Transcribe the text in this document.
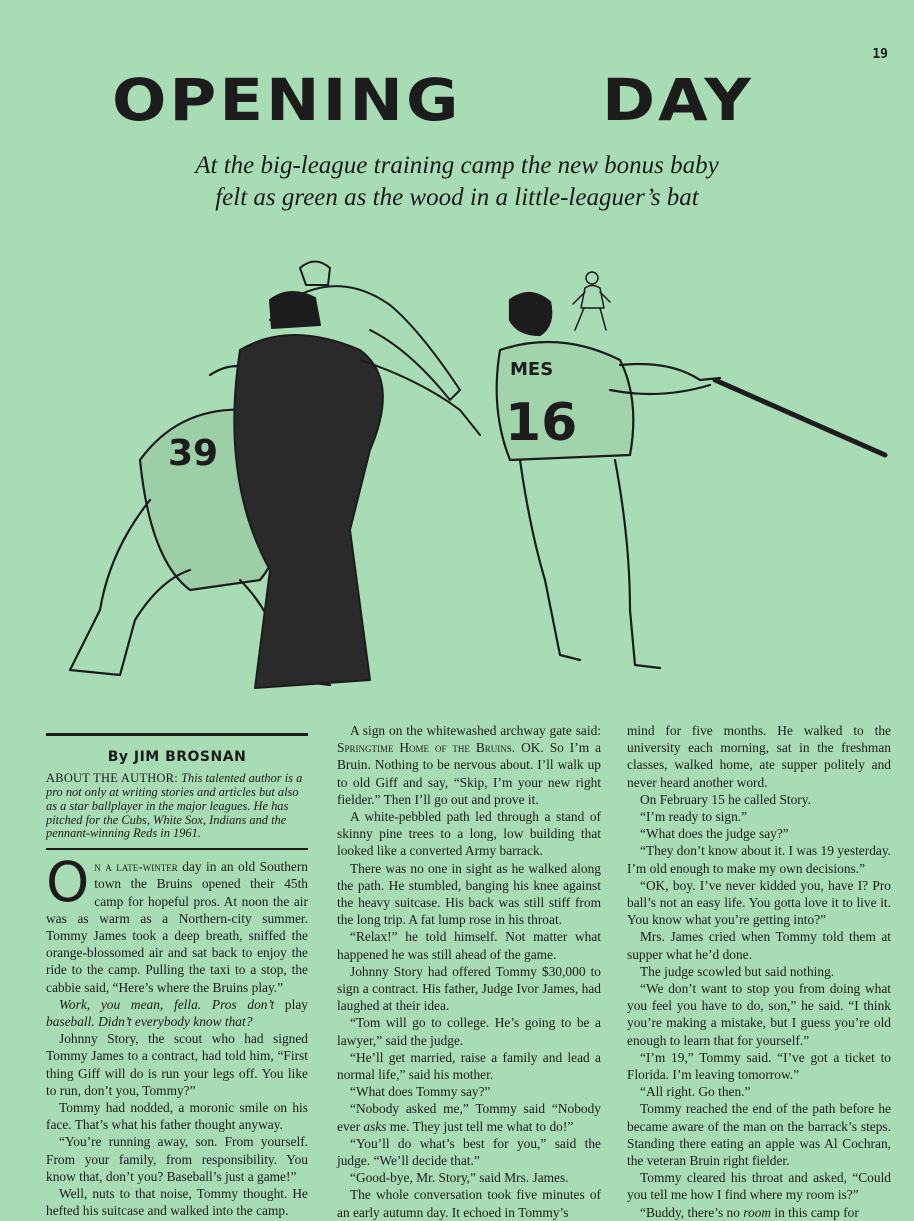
19
OPENING DAY
At the big-league training camp the new bonus baby
felt as green as the wood in a little-leaguer’s bat
39
MES
16
By JIM BROSNAN

ABOUT THE AUTHOR: This talented author is a pro not only at writing stories and articles but also as a star ballplayer in the major leagues. He has pitched for the Cubs, White Sox, Indians and the pennant-winning Reds in 1961.

On a late-winter day in an old Southern town the Bruins opened their 45th camp for hopeful pros. At noon the air was as warm as a Northern-city summer. Tommy James took a deep breath, sniffed the orange-blossomed air and sat back to enjoy the ride to the camp. Pulling the taxi to a stop, the cabbie said, “Here’s where the Bruins play.”

Work, you mean, fella. Pros don’t play baseball. Didn’t everybody know that?

Johnny Story, the scout who had signed Tommy James to a contract, had told him, “First thing Giff will do is run your legs off. You like to run, don’t you, Tommy?”

Tommy had nodded, a moronic smile on his face. That’s what his father thought anyway.

“You’re running away, son. From yourself. From your family, from responsibility. You know that, don’t you? Baseball’s just a game!”

Well, nuts to that noise, Tommy thought. He hefted his suitcase and walked into the camp.

A sign on the whitewashed archway gate said: Springtime Home of the Bruins. OK. So I’m a Bruin. Nothing to be nervous about. I’ll walk up to old Giff and say, “Skip, I’m your new right fielder.” Then I’ll go out and prove it.

A white-pebbled path led through a stand of skinny pine trees to a long, low building that looked like a converted Army barrack.

There was no one in sight as he walked along the path. He stumbled, banging his knee against the heavy suitcase. His back was still stiff from the long trip. A fat lump rose in his throat.

“Relax!” he told himself. Not matter what happened he was still ahead of the game.

Johnny Story had offered Tommy $30,000 to sign a contract. His father, Judge Ivor James, had laughed at their idea.

“Tom will go to college. He’s going to be a lawyer,” said the judge.

“He’ll get married, raise a family and lead a normal life,” said his mother.

“What does Tommy say?”

“Nobody asked me,” Tommy said “Nobody ever asks me. They just tell me what to do!”

“You’ll do what’s best for you,” said the judge. “We’ll decide that.”

“Good-bye, Mr. Story,” said Mrs. James.

The whole conversation took five minutes of an early autumn day. It echoed in Tommy’s

mind for five months. He walked to the university each morning, sat in the freshman classes, walked home, ate supper politely and never heard another word.

On February 15 he called Story.

“I’m ready to sign.”

“What does the judge say?”

“They don’t know about it. I was 19 yesterday. I’m old enough to make my own decisions.”

“OK, boy. I’ve never kidded you, have I? Pro ball’s not an easy life. You gotta love it to live it. You know what you’re getting into?”

Mrs. James cried when Tommy told them at supper what he’d done.

The judge scowled but said nothing.

“We don’t want to stop you from doing what you feel you have to do, son,” he said. “I think you’re making a mistake, but I guess you’re old enough to learn that for yourself.”

“I’m 19,” Tommy said. “I’ve got a ticket to Florida. I’m leaving tomorrow.”

“All right. Go then.”

Tommy reached the end of the path before he became aware of the man on the barrack’s steps. Standing there eating an apple was Al Cochran, the veteran Bruin right fielder.

Tommy cleared his throat and asked, “Could you tell me how I find where my room is?”

“Buddy, there’s no room in this camp for
